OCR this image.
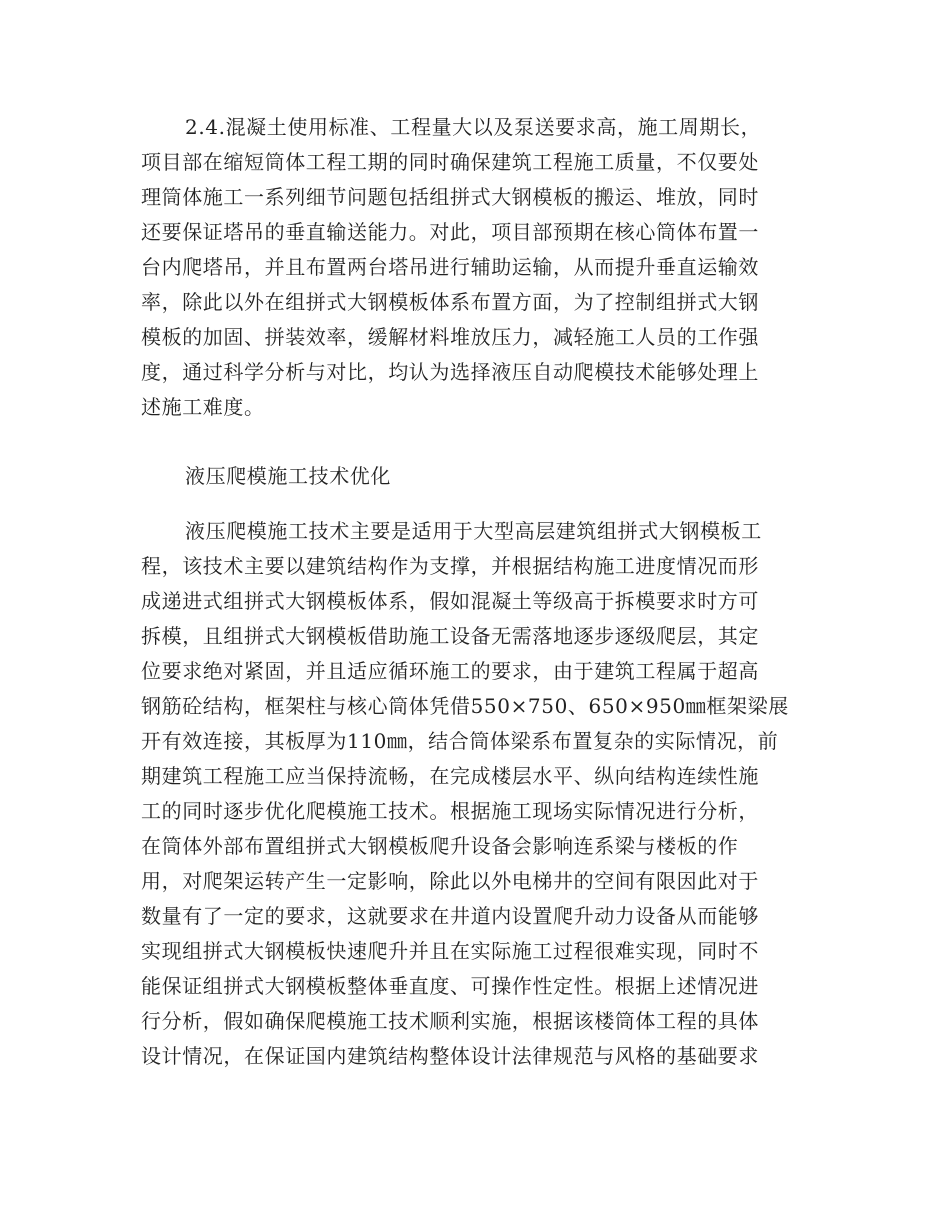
2.4.混凝土使用标准、工程量大以及泵送要求高，施工周期长，
项目部在缩短筒体工程工期的同时确保建筑工程施工质量，不仅要处
理筒体施工一系列细节问题包括组拼式大钢模板的搬运、堆放，同时
还要保证塔吊的垂直输送能力。对此，项目部预期在核心筒体布置一
台内爬塔吊，并且布置两台塔吊进行辅助运输，从而提升垂直运输效
率，除此以外在组拼式大钢模板体系布置方面，为了控制组拼式大钢
模板的加固、拼装效率，缓解材料堆放压力，减轻施工人员的工作强
度，通过科学分析与对比，均认为选择液压自动爬模技术能够处理上
述施工难度。
液压爬模施工技术优化
液压爬模施工技术主要是适用于大型高层建筑组拼式大钢模板工
程，该技术主要以建筑结构作为支撑，并根据结构施工进度情况而形
成递进式组拼式大钢模板体系，假如混凝土等级高于拆模要求时方可
拆模，且组拼式大钢模板借助施工设备无需落地逐步逐级爬层，其定
位要求绝对紧固，并且适应循环施工的要求，由于建筑工程属于超高
钢筋砼结构，框架柱与核心筒体凭借550×750、650×950㎜框架梁展
开有效连接，其板厚为110㎜，结合筒体梁系布置复杂的实际情况，前
期建筑工程施工应当保持流畅，在完成楼层水平、纵向结构连续性施
工的同时逐步优化爬模施工技术。根据施工现场实际情况进行分析，
在筒体外部布置组拼式大钢模板爬升设备会影响连系梁与楼板的作
用，对爬架运转产生一定影响，除此以外电梯井的空间有限因此对于
数量有了一定的要求，这就要求在井道内设置爬升动力设备从而能够
实现组拼式大钢模板快速爬升并且在实际施工过程很难实现，同时不
能保证组拼式大钢模板整体垂直度、可操作性定性。根据上述情况进
行分析，假如确保爬模施工技术顺利实施，根据该楼筒体工程的具体
设计情况，在保证国内建筑结构整体设计法律规范与风格的基础要求
